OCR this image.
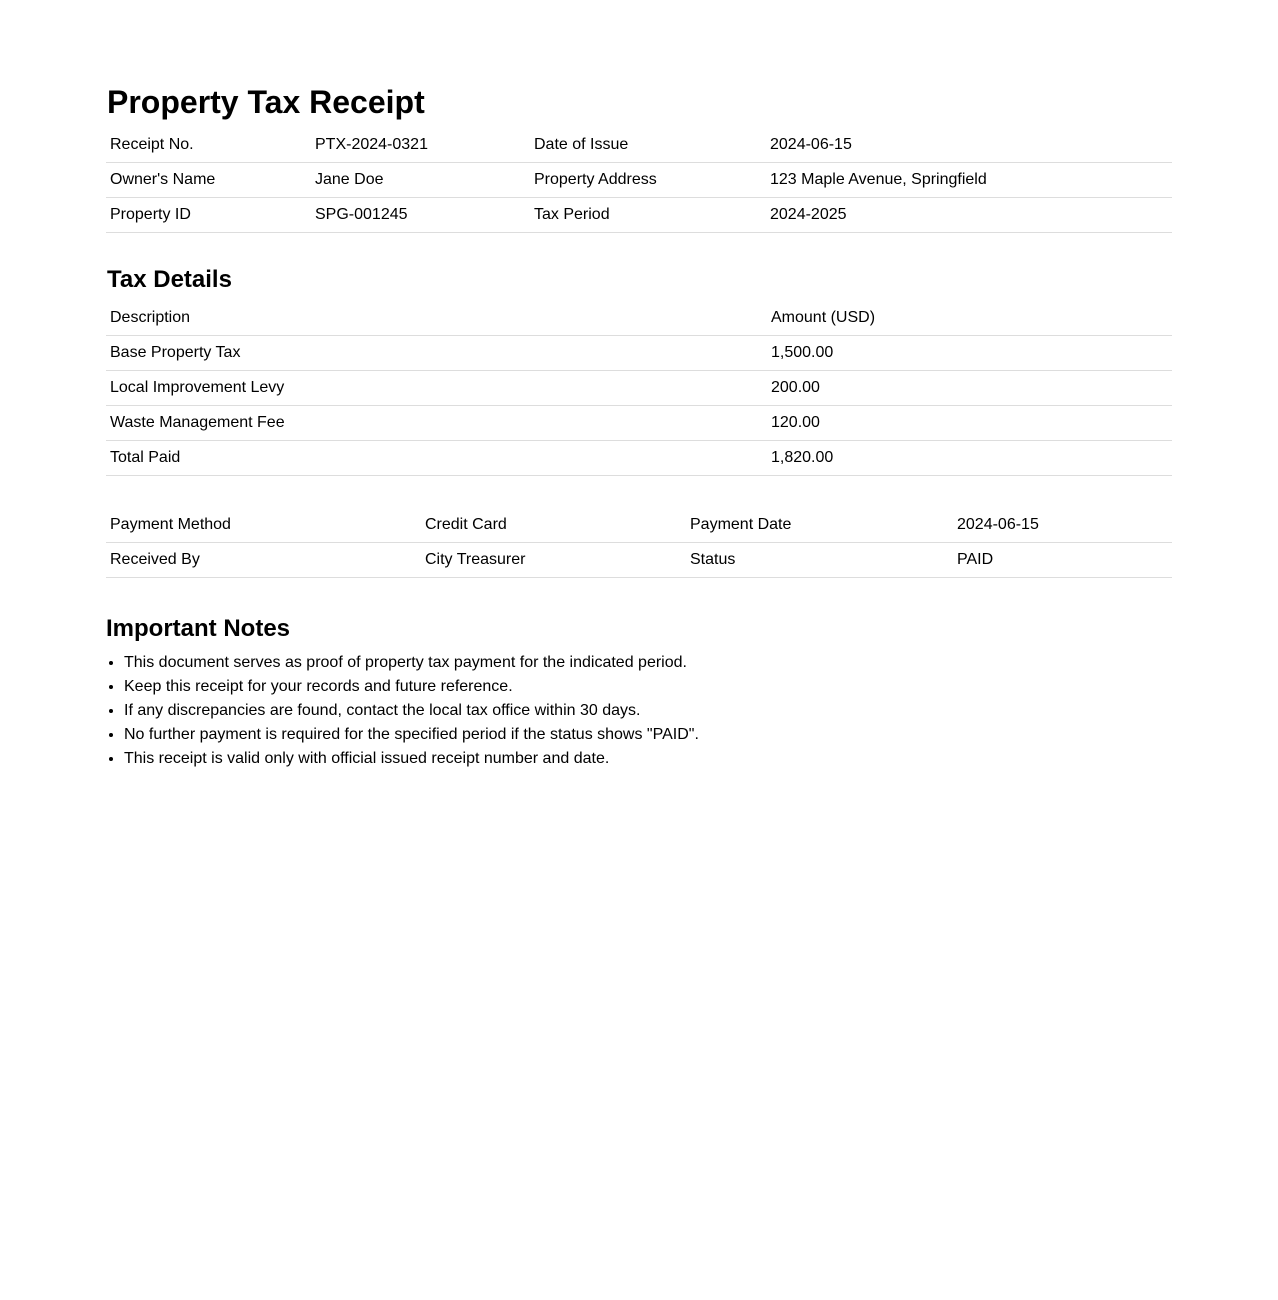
Property Tax Receipt
Receipt No.	PTX-2024-0321	Date of Issue	2024-06-15
Owner's Name	Jane Doe	Property Address	123 Maple Avenue, Springfield
Property ID	SPG-001245	Tax Period	2024-2025
Tax Details
Description	Amount (USD)
Base Property Tax	1,500.00
Local Improvement Levy	200.00
Waste Management Fee	120.00
Total Paid	1,820.00
Payment Method	Credit Card	Payment Date	2024-06-15
Received By	City Treasurer	Status	PAID
Important Notes
• This document serves as proof of property tax payment for the indicated period.
• Keep this receipt for your records and future reference.
• If any discrepancies are found, contact the local tax office within 30 days.
• No further payment is required for the specified period if the status shows "PAID".
• This receipt is valid only with official issued receipt number and date.
